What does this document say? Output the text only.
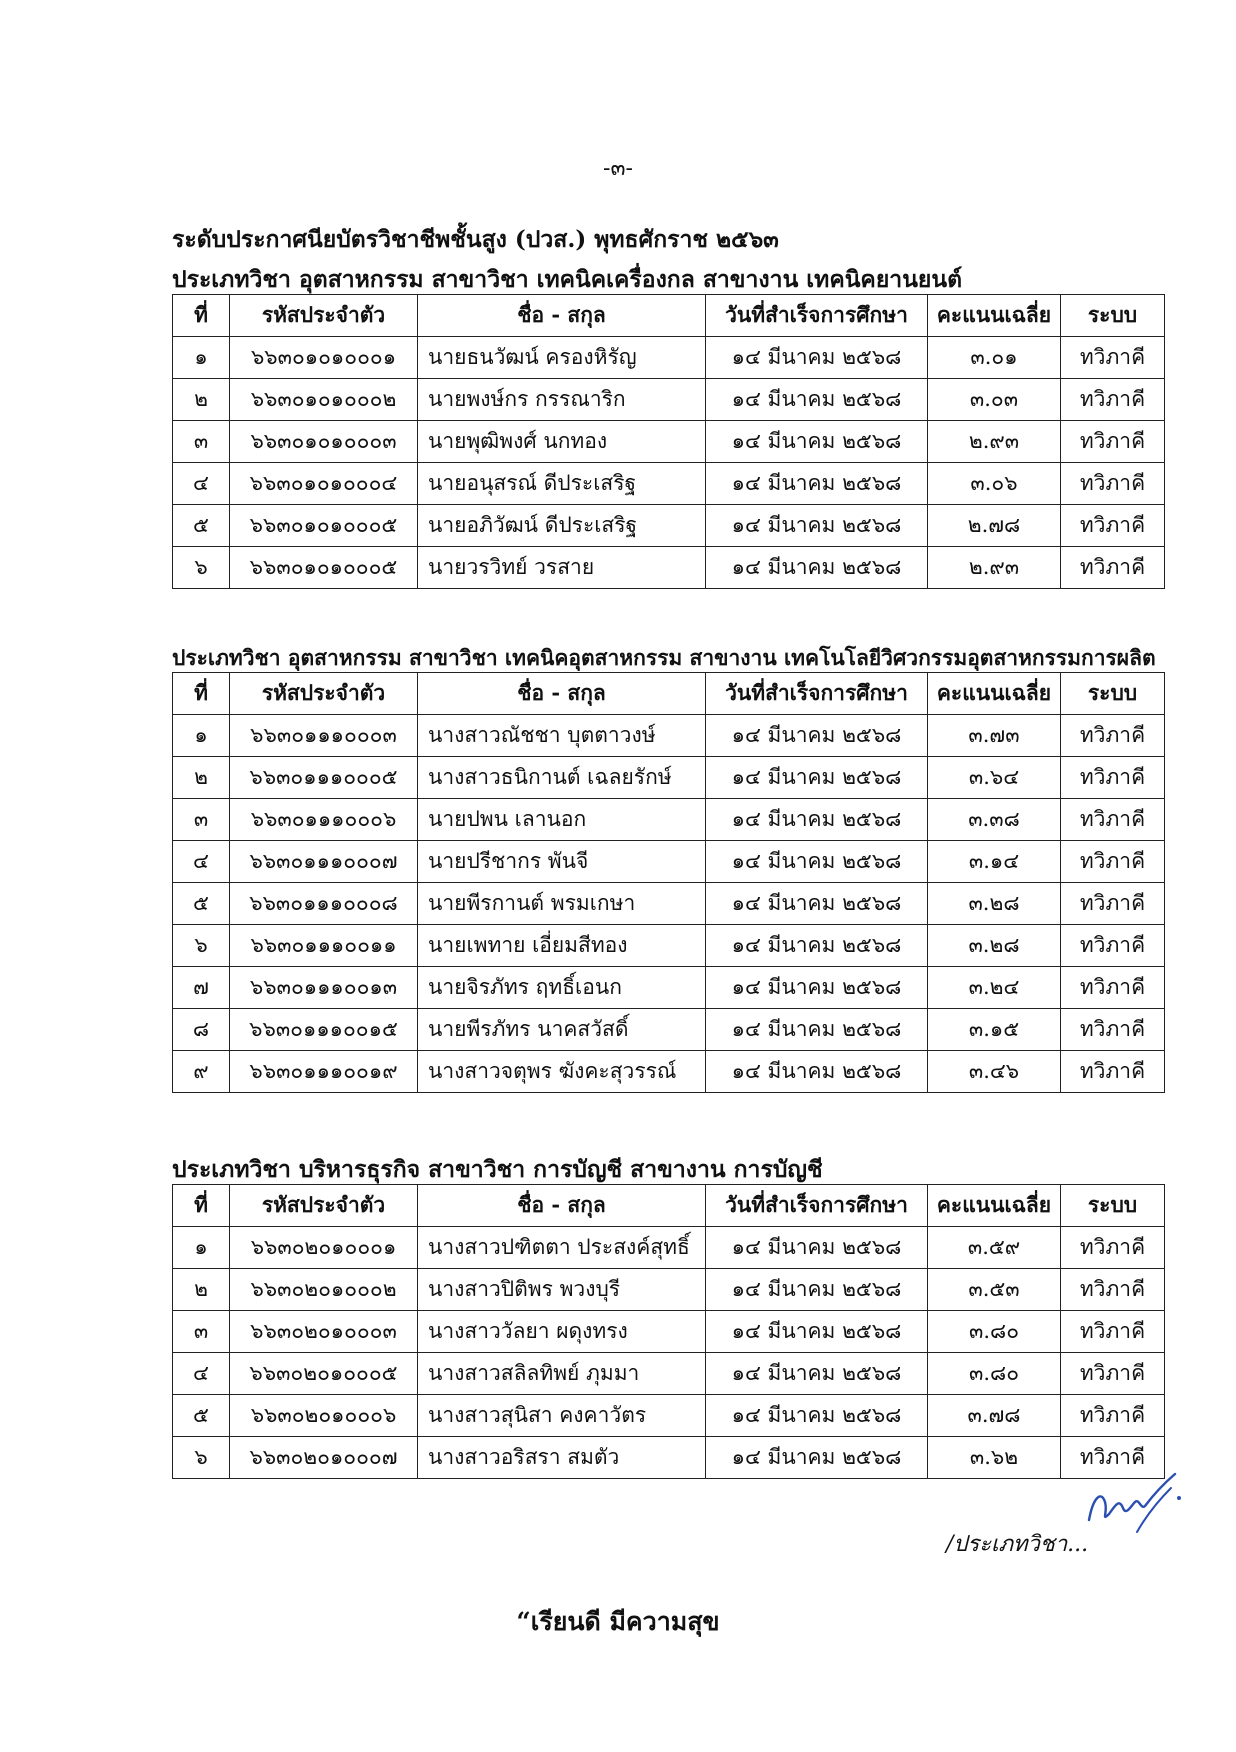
-๓-
ระดับประกาศนียบัตรวิชาชีพชั้นสูง (ปวส.) พุทธศักราช ๒๕๖๓
ประเภทวิชา อุตสาหกรรม สาขาวิชา เทคนิคเครื่องกล สาขางาน เทคนิคยานยนต์
ที่	รหัสประจำตัว	ชื่อ - สกุล	วันที่สำเร็จการศึกษา	คะแนนเฉลี่ย	ระบบ
๑	๖๖๓๐๑๐๑๐๐๐๑	นายธนวัฒน์ ครองหิรัญ	๑๔ มีนาคม ๒๕๖๘	๓.๐๑	ทวิภาคี
๒	๖๖๓๐๑๐๑๐๐๐๒	นายพงษ์กร กรรณาริก	๑๔ มีนาคม ๒๕๖๘	๓.๐๓	ทวิภาคี
๓	๖๖๓๐๑๐๑๐๐๐๓	นายพุฒิพงศ์ นกทอง	๑๔ มีนาคม ๒๕๖๘	๒.๙๓	ทวิภาคี
๔	๖๖๓๐๑๐๑๐๐๐๔	นายอนุสรณ์ ดีประเสริฐ	๑๔ มีนาคม ๒๕๖๘	๓.๐๖	ทวิภาคี
๕	๖๖๓๐๑๐๑๐๐๐๕	นายอภิวัฒน์ ดีประเสริฐ	๑๔ มีนาคม ๒๕๖๘	๒.๗๘	ทวิภาคี
๖	๖๖๓๐๑๐๑๐๐๐๕	นายวรวิทย์ วรสาย	๑๔ มีนาคม ๒๕๖๘	๒.๙๓	ทวิภาคี
ประเภทวิชา อุตสาหกรรม สาขาวิชา เทคนิคอุตสาหกรรม สาขางาน เทคโนโลยีวิศวกรรมอุตสาหกรรมการผลิต
ที่	รหัสประจำตัว	ชื่อ - สกุล	วันที่สำเร็จการศึกษา	คะแนนเฉลี่ย	ระบบ
๑	๖๖๓๐๑๑๑๐๐๐๓	นางสาวณัชชา บุตตาวงษ์	๑๔ มีนาคม ๒๕๖๘	๓.๗๓	ทวิภาคี
๒	๖๖๓๐๑๑๑๐๐๐๕	นางสาวธนิกานต์ เฉลยรักษ์	๑๔ มีนาคม ๒๕๖๘	๓.๖๔	ทวิภาคี
๓	๖๖๓๐๑๑๑๐๐๐๖	นายปพน เลานอก	๑๔ มีนาคม ๒๕๖๘	๓.๓๘	ทวิภาคี
๔	๖๖๓๐๑๑๑๐๐๐๗	นายปรีชากร พันจี	๑๔ มีนาคม ๒๕๖๘	๓.๑๔	ทวิภาคี
๕	๖๖๓๐๑๑๑๐๐๐๘	นายพีรกานต์ พรมเกษา	๑๔ มีนาคม ๒๕๖๘	๓.๒๘	ทวิภาคี
๖	๖๖๓๐๑๑๑๐๐๑๑	นายเพทาย เอี่ยมสีทอง	๑๔ มีนาคม ๒๕๖๘	๓.๒๘	ทวิภาคี
๗	๖๖๓๐๑๑๑๐๐๑๓	นายจิรภัทร ฤทธิ์เอนก	๑๔ มีนาคม ๒๕๖๘	๓.๒๔	ทวิภาคี
๘	๖๖๓๐๑๑๑๐๐๑๕	นายพีรภัทร นาคสวัสดิ์	๑๔ มีนาคม ๒๕๖๘	๓.๑๕	ทวิภาคี
๙	๖๖๓๐๑๑๑๐๐๑๙	นางสาวจตุพร ฆังคะสุวรรณ์	๑๔ มีนาคม ๒๕๖๘	๓.๔๖	ทวิภาคี
ประเภทวิชา บริหารธุรกิจ สาขาวิชา การบัญชี สาขางาน การบัญชี
ที่	รหัสประจำตัว	ชื่อ - สกุล	วันที่สำเร็จการศึกษา	คะแนนเฉลี่ย	ระบบ
๑	๖๖๓๐๒๐๑๐๐๐๑	นางสาวปฑิตตา ประสงค์สุทธิ์	๑๔ มีนาคม ๒๕๖๘	๓.๕๙	ทวิภาคี
๒	๖๖๓๐๒๐๑๐๐๐๒	นางสาวปิติพร พวงบุรี	๑๔ มีนาคม ๒๕๖๘	๓.๕๓	ทวิภาคี
๓	๖๖๓๐๒๐๑๐๐๐๓	นางสาววัลยา ผดุงทรง	๑๔ มีนาคม ๒๕๖๘	๓.๘๐	ทวิภาคี
๔	๖๖๓๐๒๐๑๐๐๐๕	นางสาวสลิลทิพย์ ภุมมา	๑๔ มีนาคม ๒๕๖๘	๓.๘๐	ทวิภาคี
๕	๖๖๓๐๒๐๑๐๐๐๖	นางสาวสุนิสา คงคาวัตร	๑๔ มีนาคม ๒๕๖๘	๓.๗๘	ทวิภาคี
๖	๖๖๓๐๒๐๑๐๐๐๗	นางสาวอริสรา สมตัว	๑๔ มีนาคม ๒๕๖๘	๓.๖๒	ทวิภาคี
/ประเภทวิชา...
“เรียนดี มีความสุข
